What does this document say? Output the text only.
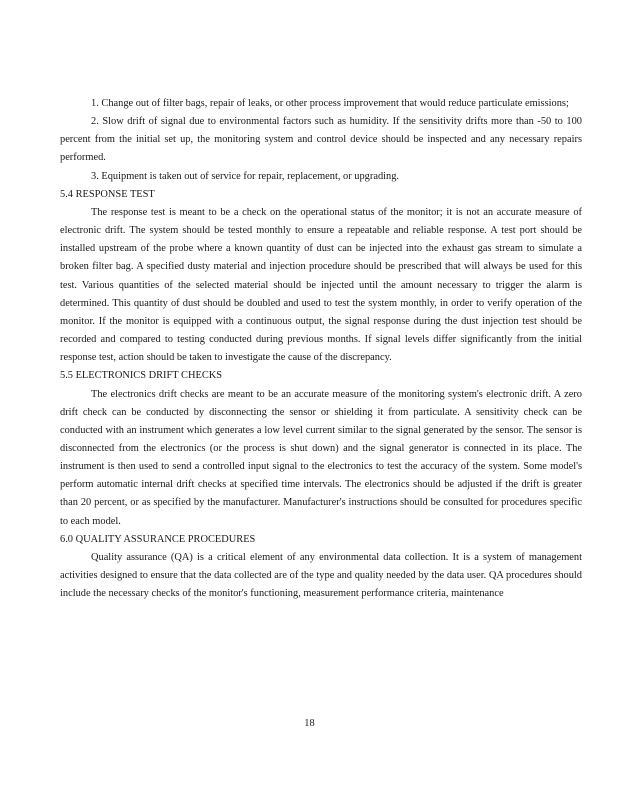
1. Change out of filter bags, repair of leaks, or other process improvement that would reduce particulate emissions;

2. Slow drift of signal due to environmental factors such as humidity. If the sensitivity drifts more than -50 to 100 percent from the initial set up, the monitoring system and control device should be inspected and any necessary repairs performed.

3. Equipment is taken out of service for repair, replacement, or upgrading.

5.4 RESPONSE TEST

The response test is meant to be a check on the operational status of the monitor; it is not an accurate measure of electronic drift. The system should be tested monthly to ensure a repeatable and reliable response. A test port should be installed upstream of the probe where a known quantity of dust can be injected into the exhaust gas stream to simulate a broken filter bag. A specified dusty material and injection procedure should be prescribed that will always be used for this test. Various quantities of the selected material should be injected until the amount necessary to trigger the alarm is determined. This quantity of dust should be doubled and used to test the system monthly, in order to verify operation of the monitor. If the monitor is equipped with a continuous output, the signal response during the dust injection test should be recorded and compared to testing conducted during previous months. If signal levels differ significantly from the initial response test, action should be taken to investigate the cause of the discrepancy.

5.5 ELECTRONICS DRIFT CHECKS

The electronics drift checks are meant to be an accurate measure of the monitoring system's electronic drift. A zero drift check can be conducted by disconnecting the sensor or shielding it from particulate. A sensitivity check can be conducted with an instrument which generates a low level current similar to the signal generated by the sensor. The sensor is disconnected from the electronics (or the process is shut down) and the signal generator is connected in its place. The instrument is then used to send a controlled input signal to the electronics to test the accuracy of the system. Some model's perform automatic internal drift checks at specified time intervals. The electronics should be adjusted if the drift is greater than 20 percent, or as specified by the manufacturer. Manufacturer's instructions should be consulted for procedures specific to each model.

6.0 QUALITY ASSURANCE PROCEDURES

Quality assurance (QA) is a critical element of any environmental data collection. It is a system of management activities designed to ensure that the data collected are of the type and quality needed by the data user. QA procedures should include the necessary checks of the monitor's functioning, measurement performance criteria, maintenance

18
